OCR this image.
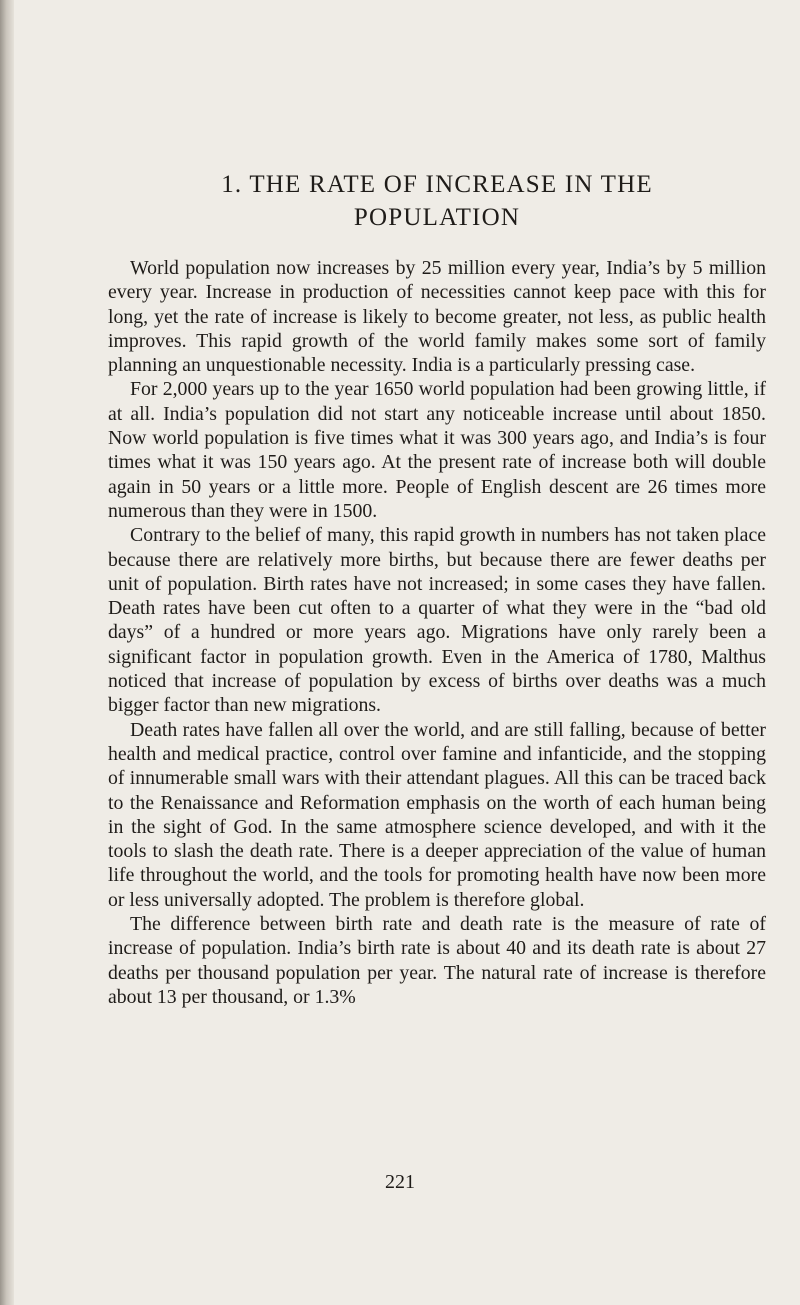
1. THE RATE OF INCREASE IN THE
POPULATION

World population now increases by 25 million every year, India’s by 5 million every year. Increase in production of necessities cannot keep pace with this for long, yet the rate of increase is likely to become greater, not less, as public health improves. This rapid growth of the world family makes some sort of family planning an unquestionable necessity. India is a particularly pressing case.

For 2,000 years up to the year 1650 world population had been growing little, if at all. India’s population did not start any noticeable increase until about 1850. Now world population is five times what it was 300 years ago, and India’s is four times what it was 150 years ago. At the present rate of increase both will double again in 50 years or a little more. People of English descent are 26 times more numerous than they were in 1500.

Contrary to the belief of many, this rapid growth in numbers has not taken place because there are relatively more births, but because there are fewer deaths per unit of population. Birth rates have not increased; in some cases they have fallen. Death rates have been cut often to a quarter of what they were in the “bad old days” of a hundred or more years ago. Migrations have only rarely been a significant factor in population growth. Even in the America of 1780, Malthus noticed that increase of population by excess of births over deaths was a much bigger factor than new migrations.

Death rates have fallen all over the world, and are still falling, because of better health and medical practice, control over famine and infanticide, and the stopping of innumerable small wars with their attendant plagues. All this can be traced back to the Renaissance and Reformation emphasis on the worth of each human being in the sight of God. In the same atmosphere science developed, and with it the tools to slash the death rate. There is a deeper appreciation of the value of human life throughout the world, and the tools for promoting health have now been more or less universally adopted. The problem is therefore global.

The difference between birth rate and death rate is the measure of rate of increase of population. India’s birth rate is about 40 and its death rate is about 27 deaths per thousand population per year. The natural rate of increase is therefore about 13 per thousand, or 1.3%

221
